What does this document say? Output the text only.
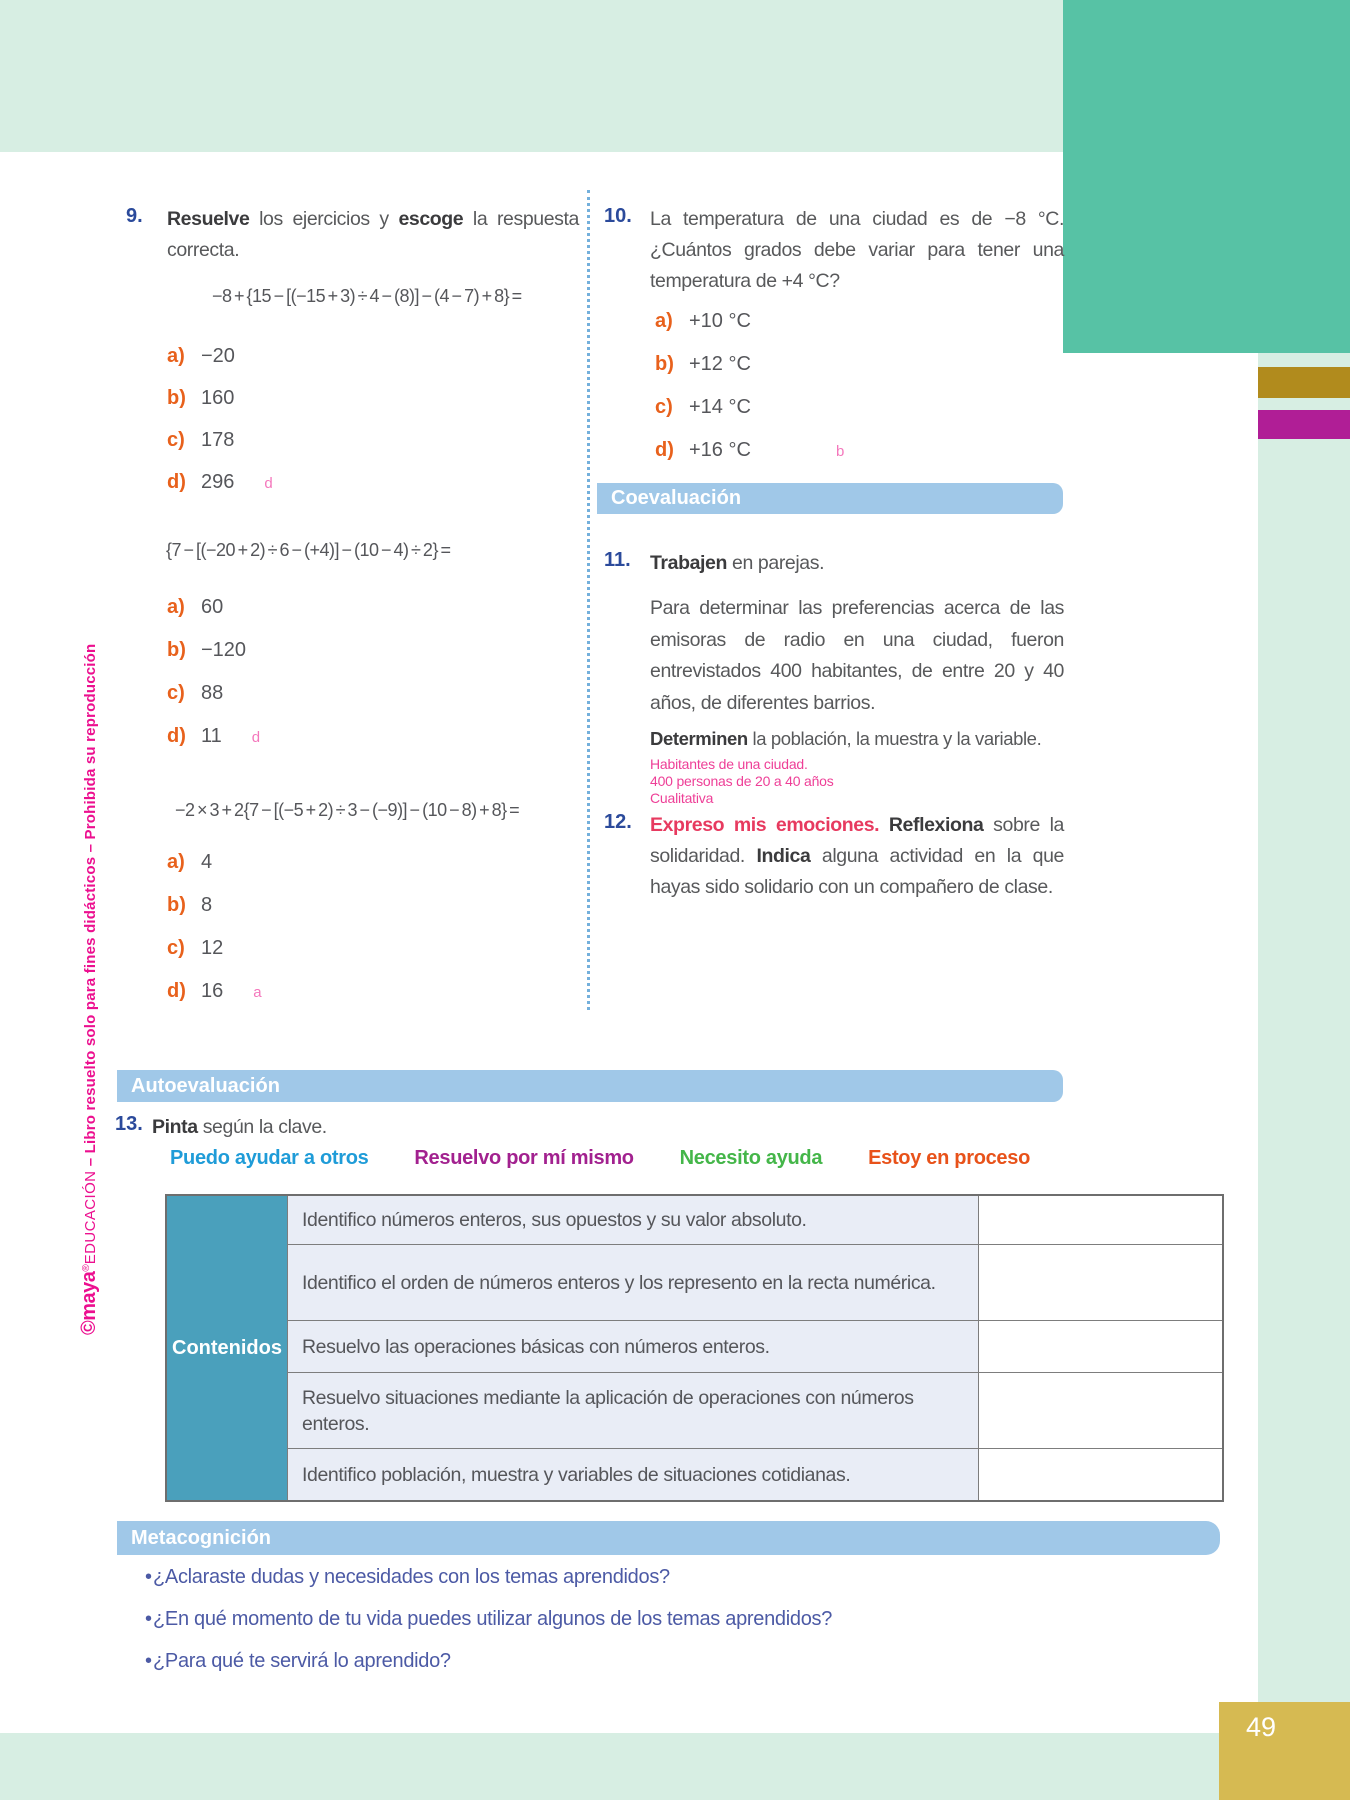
49
©maya®EDUCACIÓN – Libro resuelto solo para fines didácticos – Prohibida su reproducción
9. Resuelve los ejercicios y escoge la respuesta correcta.
−8 + {15 − [(−15 + 3) ÷ 4 − (8)] − (4 − 7) + 8} =
a) −20
b) 160
c) 178
d) 296 d
{7 − [(−20 + 2) ÷ 6 − (+4)] − (10 − 4) ÷ 2} =
a) 60
b) −120
c) 88
d) 11 d
−2 × 3 + 2{7 − [(−5 + 2) ÷ 3 − (−9)] − (10 − 8) + 8} =
a) 4
b) 8
c) 12
d) 16 a
10. La temperatura de una ciudad es de −8 °C. ¿Cuántos grados debe variar para tener una temperatura de +4 °C?
a) +10 °C
b) +12 °C
c) +14 °C
d) +16 °C	b
Coevaluación
11. Trabajen en parejas.
Para determinar las preferencias acerca de las emisoras de radio en una ciudad, fueron entrevistados 400 habitantes, de entre 20 y 40 años, de diferentes barrios.
Determinen la población, la muestra y la variable.
Habitantes de una ciudad.
400 personas de 20 a 40 años
Cualitativa
12. Expreso mis emociones. Reflexiona sobre la solidaridad. Indica alguna actividad en la que hayas sido solidario con un compañero de clase.
Autoevaluación
13. Pinta según la clave.
Puedo ayudar a otros Resuelvo por mí mismo Necesito ayuda Estoy en proceso
Contenidos
Identifico números enteros, sus opuestos y su valor absoluto.
Identifico el orden de números enteros y los represento en la recta numérica.
Resuelvo las operaciones básicas con números enteros.
Resuelvo situaciones mediante la aplicación de operaciones con números enteros.
Identifico población, muestra y variables de situaciones cotidianas.
Metacognición
• ¿Aclaraste dudas y necesidades con los temas aprendidos?
• ¿En qué momento de tu vida puedes utilizar algunos de los temas aprendidos?
• ¿Para qué te servirá lo aprendido?
